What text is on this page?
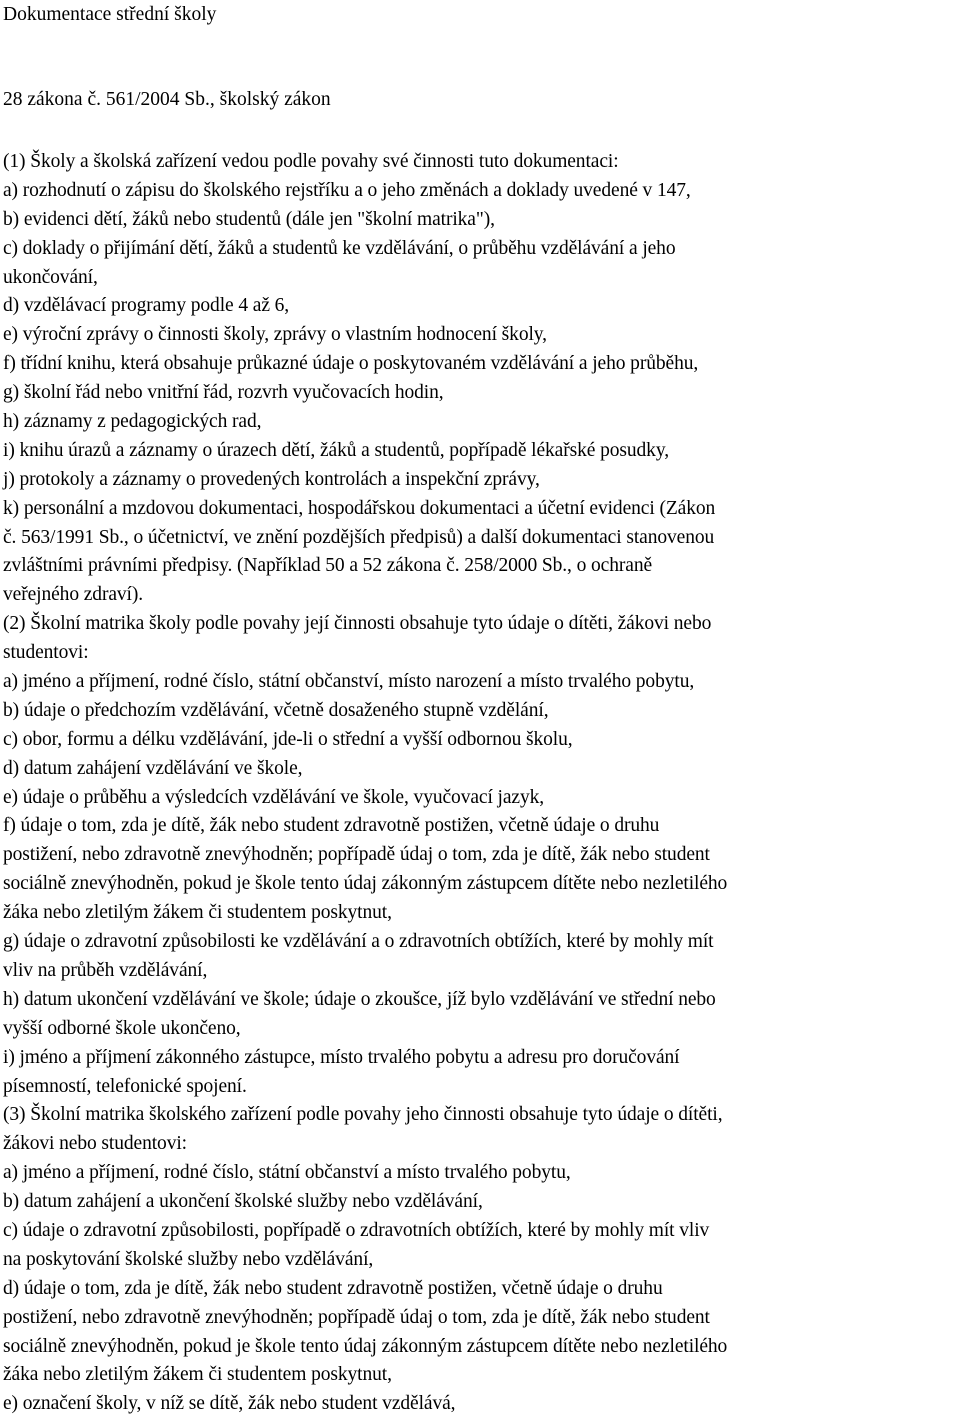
Dokumentace střední školy
28 zákona č. 561/2004 Sb., školský zákon
(1) Školy a školská zařízení vedou podle povahy své činnosti tuto dokumentaci:
a) rozhodnutí o zápisu do školského rejstříku a o jeho změnách a doklady uvedené v 147,
b) evidenci dětí, žáků nebo studentů (dále jen "školní matrika"),
c) doklady o přijímání dětí, žáků a studentů ke vzdělávání, o průběhu vzdělávání a jeho
ukončování,
d) vzdělávací programy podle 4 až 6,
e) výroční zprávy o činnosti školy, zprávy o vlastním hodnocení školy,
f) třídní knihu, která obsahuje průkazné údaje o poskytovaném vzdělávání a jeho průběhu,
g) školní řád nebo vnitřní řád, rozvrh vyučovacích hodin,
h) záznamy z pedagogických rad,
i) knihu úrazů a záznamy o úrazech dětí, žáků a studentů, popřípadě lékařské posudky,
j) protokoly a záznamy o provedených kontrolách a inspekční zprávy,
k) personální a mzdovou dokumentaci, hospodářskou dokumentaci a účetní evidenci (Zákon
č. 563/1991 Sb., o účetnictví, ve znění pozdějších předpisů) a další dokumentaci stanovenou
zvláštními právními předpisy. (Například 50 a 52 zákona č. 258/2000 Sb., o ochraně
veřejného zdraví).
(2) Školní matrika školy podle povahy její činnosti obsahuje tyto údaje o dítěti, žákovi nebo
studentovi:
a) jméno a příjmení, rodné číslo, státní občanství, místo narození a místo trvalého pobytu,
b) údaje o předchozím vzdělávání, včetně dosaženého stupně vzdělání,
c) obor, formu a délku vzdělávání, jde-li o střední a vyšší odbornou školu,
d) datum zahájení vzdělávání ve škole,
e) údaje o průběhu a výsledcích vzdělávání ve škole, vyučovací jazyk,
f) údaje o tom, zda je dítě, žák nebo student zdravotně postižen, včetně údaje o druhu
postižení, nebo zdravotně znevýhodněn; popřípadě údaj o tom, zda je dítě, žák nebo student
sociálně znevýhodněn, pokud je škole tento údaj zákonným zástupcem dítěte nebo nezletilého
žáka nebo zletilým žákem či studentem poskytnut,
g) údaje o zdravotní způsobilosti ke vzdělávání a o zdravotních obtížích, které by mohly mít
vliv na průběh vzdělávání,
h) datum ukončení vzdělávání ve škole; údaje o zkoušce, jíž bylo vzdělávání ve střední nebo
vyšší odborné škole ukončeno,
i) jméno a příjmení zákonného zástupce, místo trvalého pobytu a adresu pro doručování
písemností, telefonické spojení.
(3) Školní matrika školského zařízení podle povahy jeho činnosti obsahuje tyto údaje o dítěti,
žákovi nebo studentovi:
a) jméno a příjmení, rodné číslo, státní občanství a místo trvalého pobytu,
b) datum zahájení a ukončení školské služby nebo vzdělávání,
c) údaje o zdravotní způsobilosti, popřípadě o zdravotních obtížích, které by mohly mít vliv
na poskytování školské služby nebo vzdělávání,
d) údaje o tom, zda je dítě, žák nebo student zdravotně postižen, včetně údaje o druhu
postižení, nebo zdravotně znevýhodněn; popřípadě údaj o tom, zda je dítě, žák nebo student
sociálně znevýhodněn, pokud je škole tento údaj zákonným zástupcem dítěte nebo nezletilého
žáka nebo zletilým žákem či studentem poskytnut,
e) označení školy, v níž se dítě, žák nebo student vzdělává,
